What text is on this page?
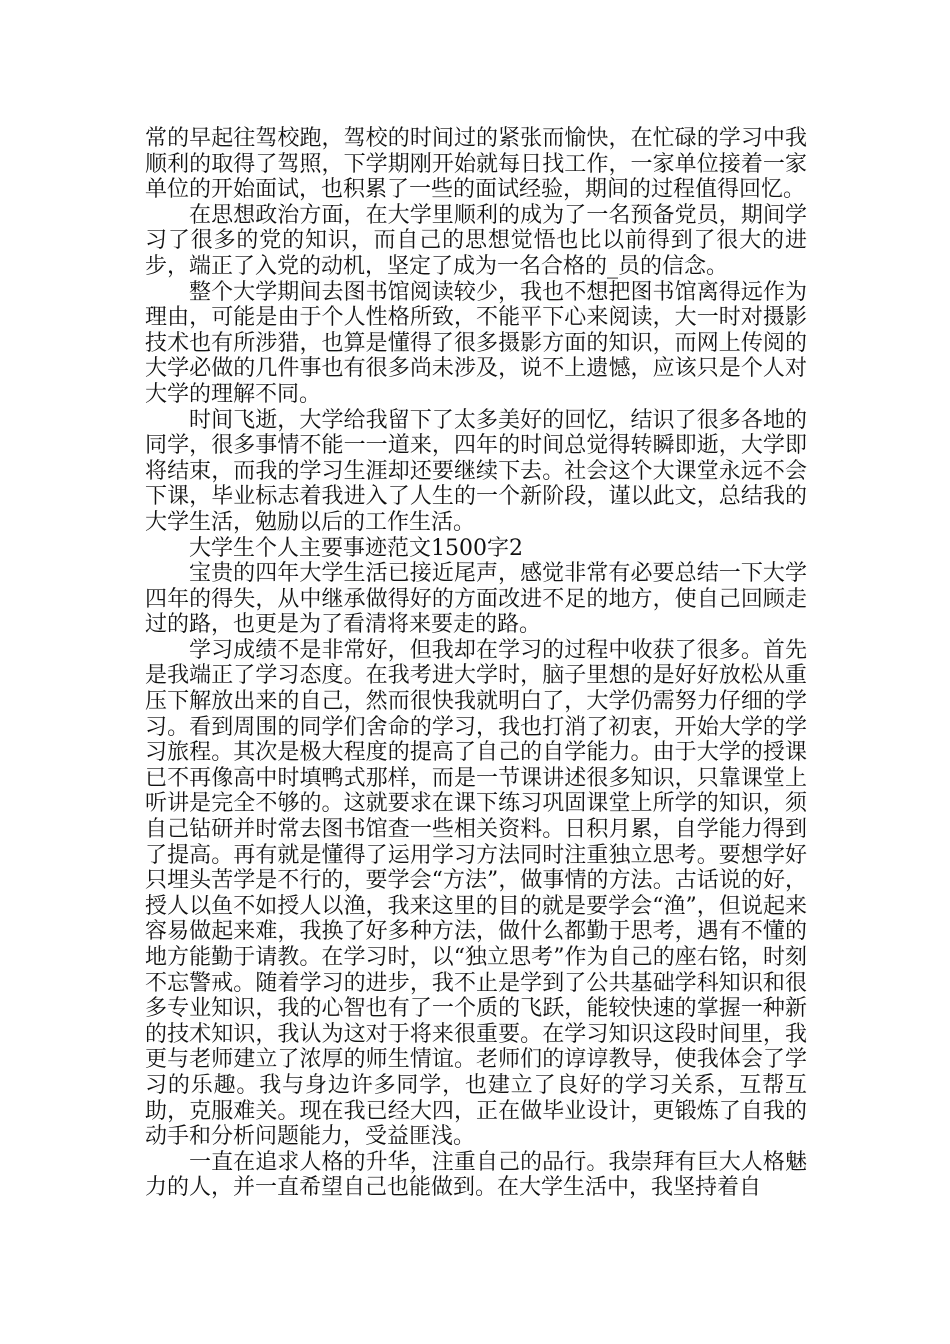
常的早起往驾校跑，驾校的时间过的紧张而愉快，在忙碌的学习中我顺利的取得了驾照，下学期刚开始就每日找工作，一家单位接着一家单位的开始面试，也积累了一些的面试经验，期间的过程值得回忆。

在思想政治方面，在大学里顺利的成为了一名预备党员，期间学习了很多的党的知识，而自己的思想觉悟也比以前得到了很大的进步，端正了入党的动机，坚定了成为一名合格的_员的信念。

整个大学期间去图书馆阅读较少，我也不想把图书馆离得远作为理由，可能是由于个人性格所致，不能平下心来阅读，大一时对摄影技术也有所涉猎，也算是懂得了很多摄影方面的知识，而网上传阅的大学必做的几件事也有很多尚未涉及，说不上遗憾，应该只是个人对大学的理解不同。

时间飞逝，大学给我留下了太多美好的回忆，结识了很多各地的同学，很多事情不能一一道来，四年的时间总觉得转瞬即逝，大学即将结束，而我的学习生涯却还要继续下去。社会这个大课堂永远不会下课，毕业标志着我进入了人生的一个新阶段，谨以此文，总结我的大学生活，勉励以后的工作生活。

大学生个人主要事迹范文1500字2

宝贵的四年大学生活已接近尾声，感觉非常有必要总结一下大学四年的得失，从中继承做得好的方面改进不足的地方，使自己回顾走过的路，也更是为了看清将来要走的路。

学习成绩不是非常好，但我却在学习的过程中收获了很多。首先是我端正了学习态度。在我考进大学时，脑子里想的是好好放松从重压下解放出来的自己，然而很快我就明白了，大学仍需努力仔细的学习。看到周围的同学们舍命的学习，我也打消了初衷，开始大学的学习旅程。其次是极大程度的提高了自己的自学能力。由于大学的授课已不再像高中时填鸭式那样，而是一节课讲述很多知识，只靠课堂上听讲是完全不够的。这就要求在课下练习巩固课堂上所学的知识，须自己钻研并时常去图书馆查一些相关资料。日积月累，自学能力得到了提高。再有就是懂得了运用学习方法同时注重独立思考。要想学好只埋头苦学是不行的，要学会“方法”，做事情的方法。古话说的好，授人以鱼不如授人以渔，我来这里的目的就是要学会“渔”，但说起来容易做起来难，我换了好多种方法，做什么都勤于思考，遇有不懂的地方能勤于请教。在学习时，以“独立思考”作为自己的座右铭，时刻不忘警戒。随着学习的进步，我不止是学到了公共基础学科知识和很多专业知识，我的心智也有了一个质的飞跃，能较快速的掌握一种新的技术知识，我认为这对于将来很重要。在学习知识这段时间里，我更与老师建立了浓厚的师生情谊。老师们的谆谆教导，使我体会了学习的乐趣。我与身边许多同学，也建立了良好的学习关系，互帮互助，克服难关。现在我已经大四，正在做毕业设计，更锻炼了自我的动手和分析问题能力，受益匪浅。

一直在追求人格的升华，注重自己的品行。我崇拜有巨大人格魅力的人，并一直希望自己也能做到。在大学生活中，我坚持着自
